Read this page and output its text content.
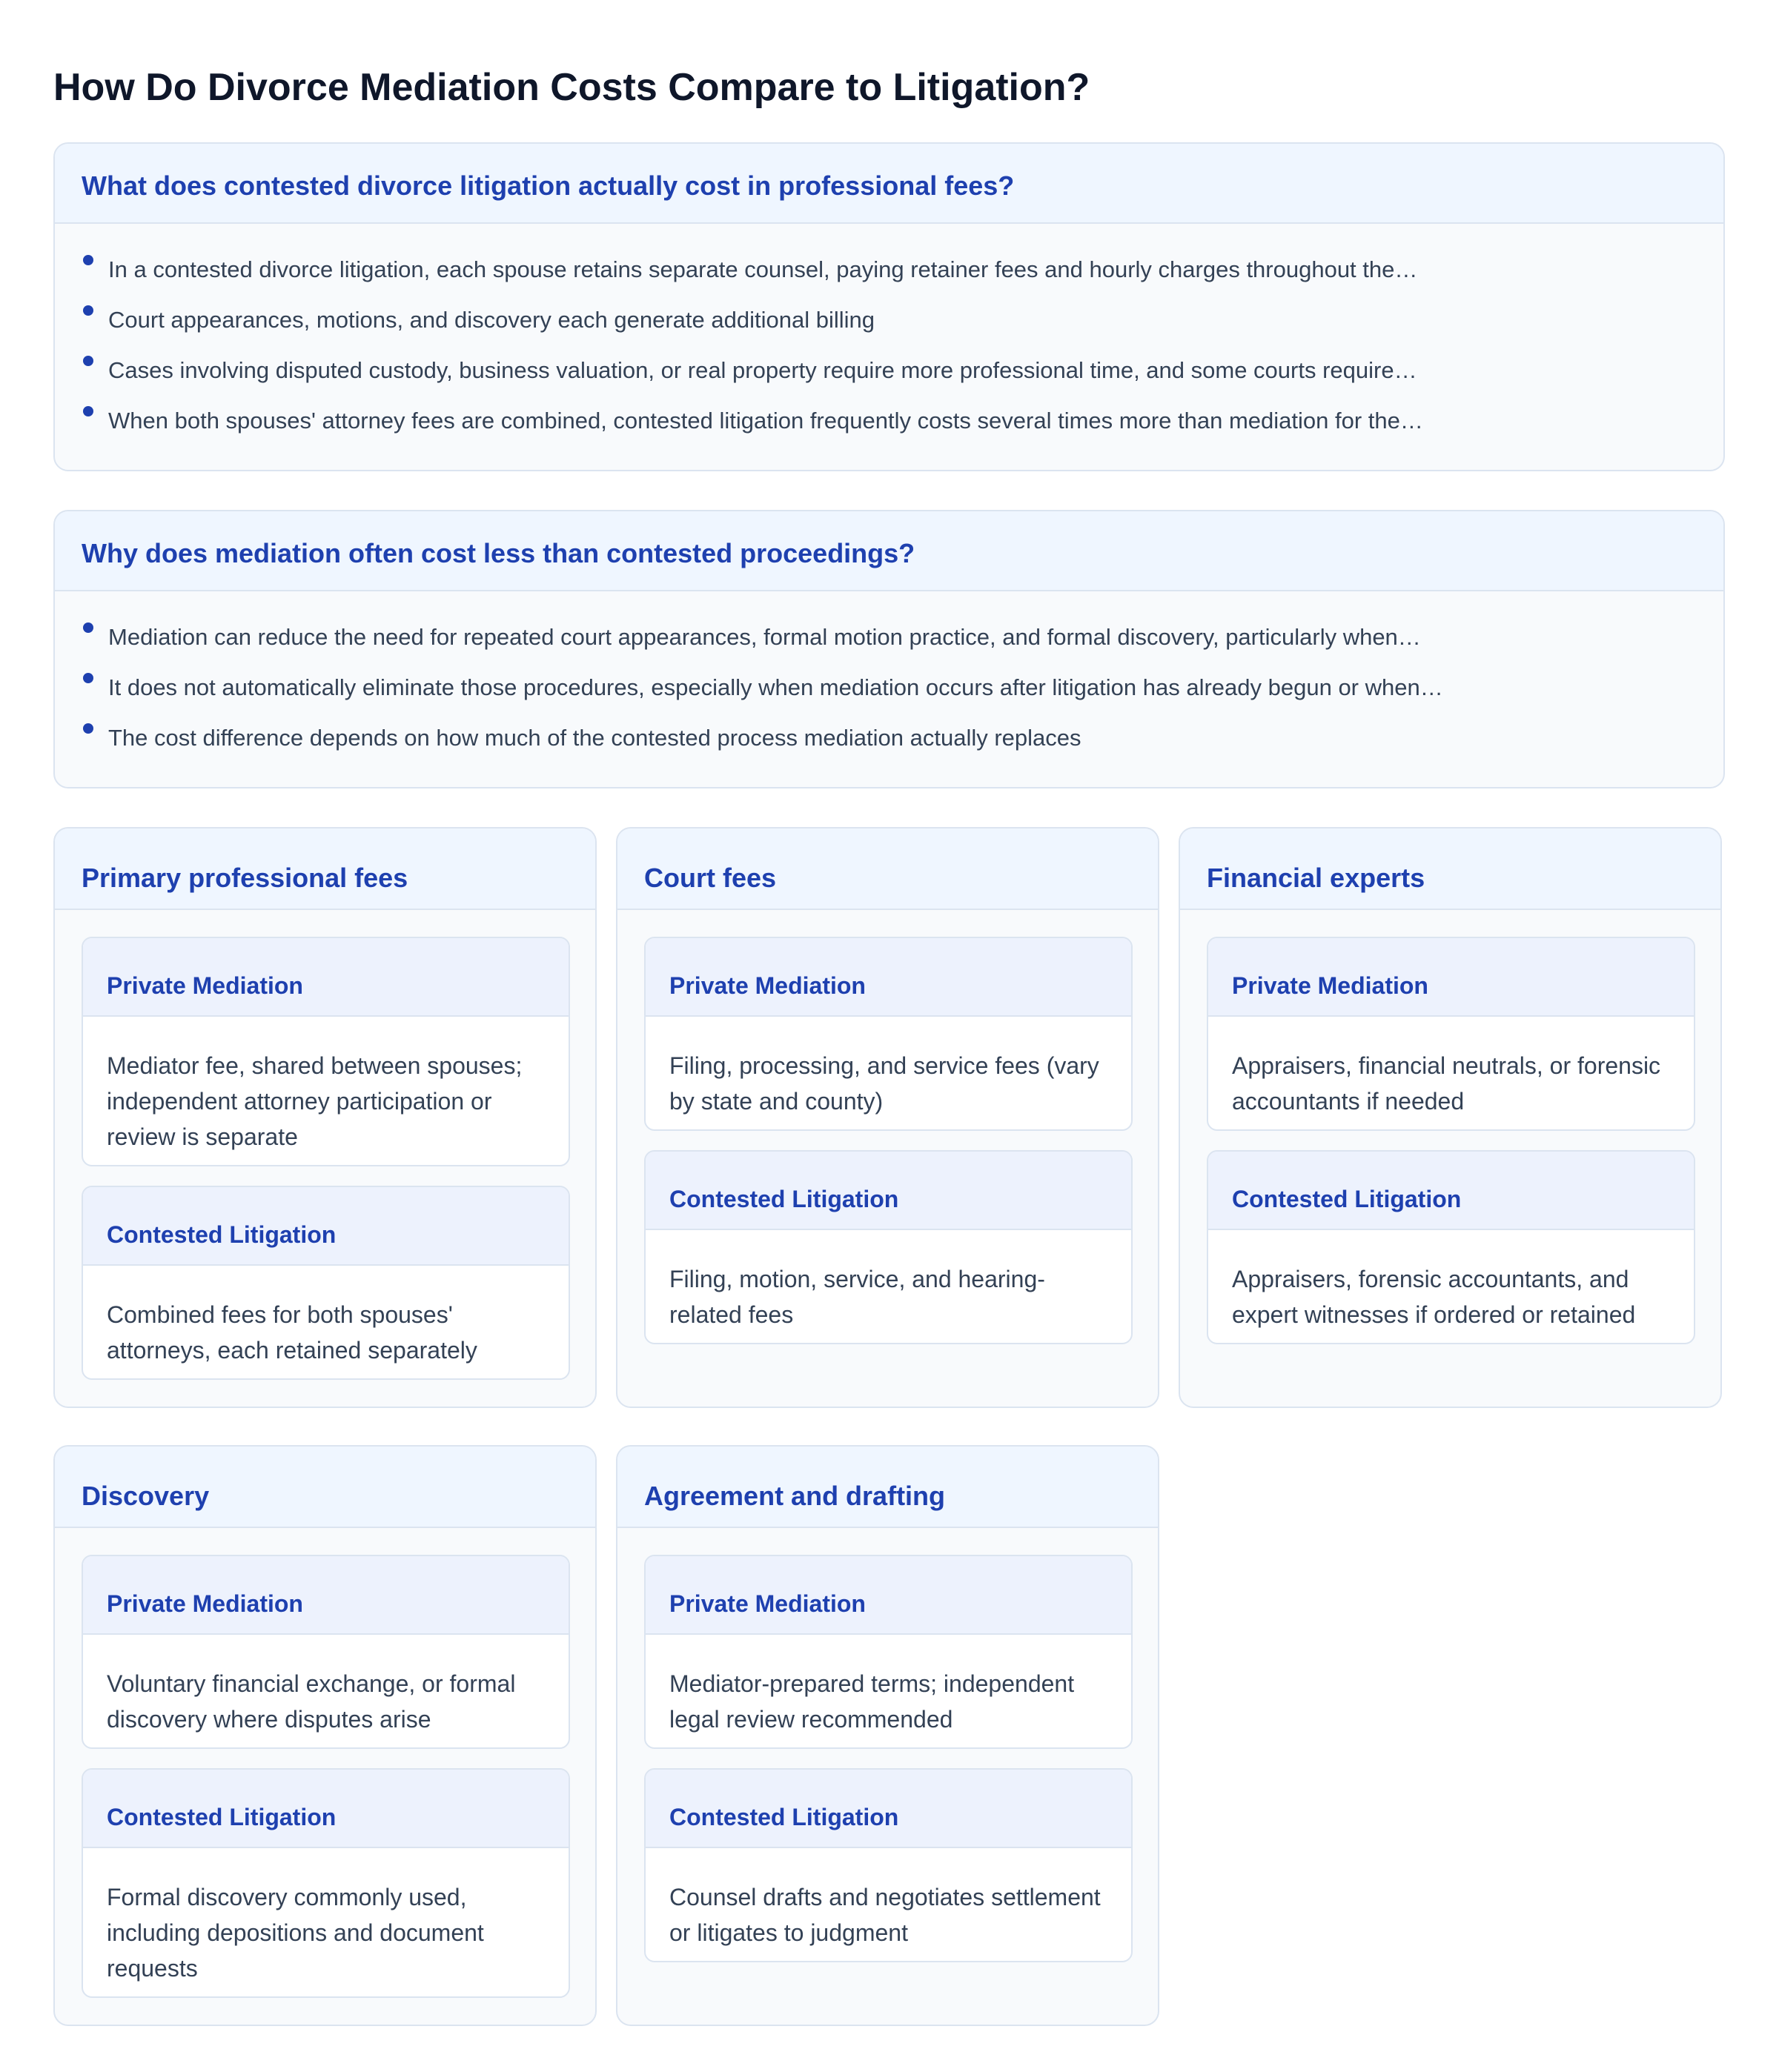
How Do Divorce Mediation Costs Compare to Litigation?
What does contested divorce litigation actually cost in professional fees?
In a contested divorce litigation, each spouse retains separate counsel, paying retainer fees and hourly charges throughout the…
Court appearances, motions, and discovery each generate additional billing
Cases involving disputed custody, business valuation, or real property require more professional time, and some courts require…
When both spouses' attorney fees are combined, contested litigation frequently costs several times more than mediation for the…
Why does mediation often cost less than contested proceedings?
Mediation can reduce the need for repeated court appearances, formal motion practice, and formal discovery, particularly when…
It does not automatically eliminate those procedures, especially when mediation occurs after litigation has already begun or when…
The cost difference depends on how much of the contested process mediation actually replaces
Primary professional fees
Private Mediation
Mediator fee, shared between spouses; independent attorney participation or review is separate
Contested Litigation
Combined fees for both spouses' attorneys, each retained separately
Court fees
Private Mediation
Filing, processing, and service fees (vary by state and county)
Contested Litigation
Filing, motion, service, and hearing-related fees
Financial experts
Private Mediation
Appraisers, financial neutrals, or forensic accountants if needed
Contested Litigation
Appraisers, forensic accountants, and expert witnesses if ordered or retained
Discovery
Private Mediation
Voluntary financial exchange, or formal discovery where disputes arise
Contested Litigation
Formal discovery commonly used, including depositions and document requests
Agreement and drafting
Private Mediation
Mediator-prepared terms; independent legal review recommended
Contested Litigation
Counsel drafts and negotiates settlement or litigates to judgment
